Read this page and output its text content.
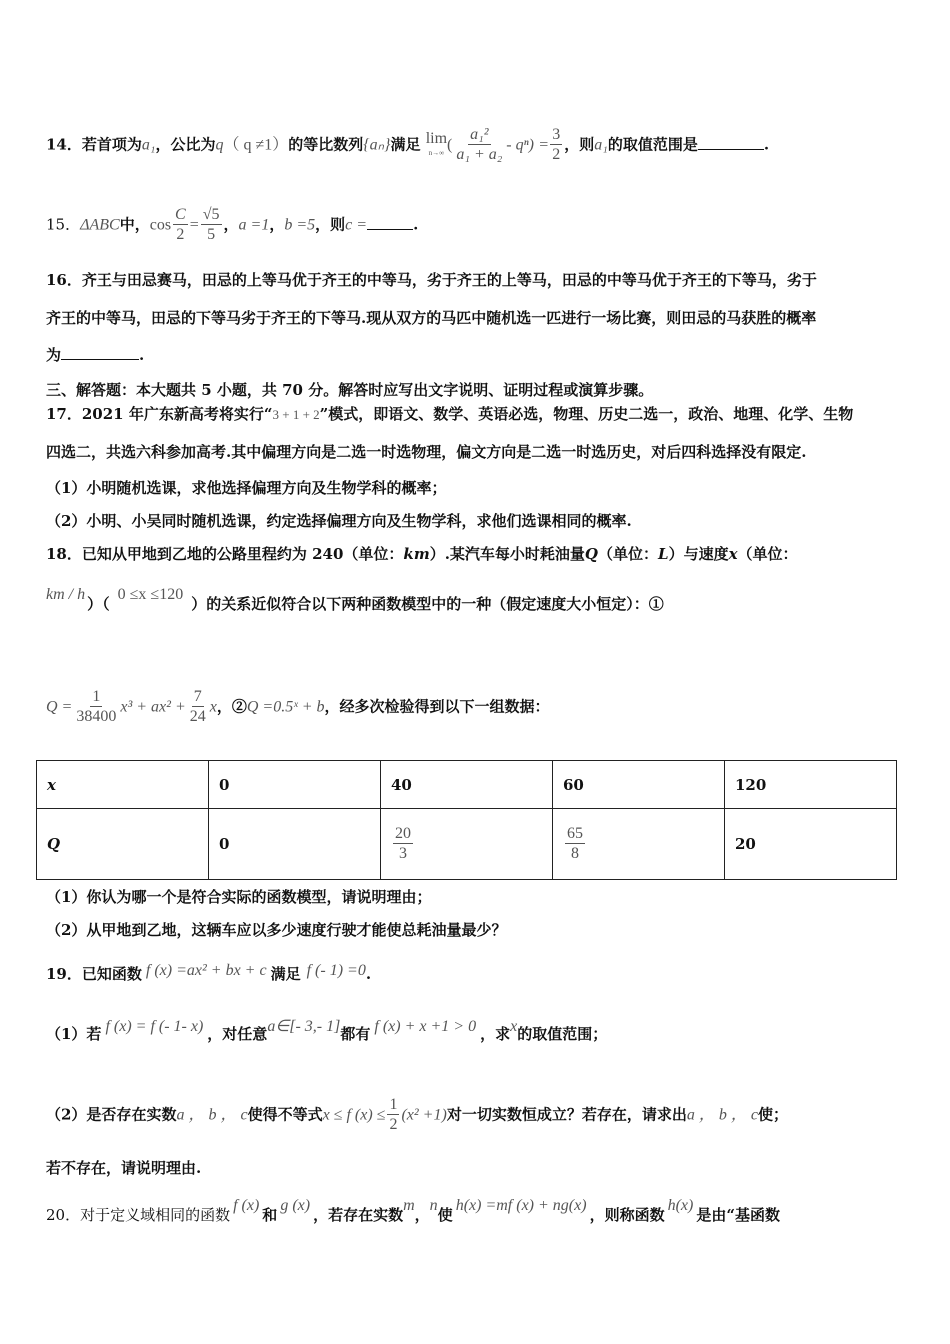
14．若首项为a₁，公比为q（ q ≠1）的等比数列{aₙ}满足 lim
n→∞ ( $\frac{\text{a₁²}}{\text{a₁ + a₂}} - q^n) = \frac{3}{2}$ ，则a₁的取值范围是	.
15．ΔABC中，$\cos \frac{C}{2} = \frac{√5}{5}$ ，a =1，b =5，则c =	.
16．齐王与田忌赛马，田忌的上等马优于齐王的中等马，劣于齐王的上等马，田忌的中等马优于齐王的下等马，劣于
齐王的中等马，田忌的下等马劣于齐王的下等马.现从双方的马匹中随机选一匹进行一场比赛，则田忌的马获胜的概率
为	.
三、解答题：本大题共 5 小题，共 70 分。解答时应写出文字说明、证明过程或演算步骤。
17．2021 年广东新高考将实行“3 + 1 + 2”模式，即语文、数学、英语必选，物理、历史二选一，政治、地理、化学、生物
四选二，共选六科参加高考.其中偏理方向是二选一时选物理，偏文方向是二选一时选历史，对后四科选择没有限定.
（1）小明随机选课，求他选择偏理方向及生物学科的概率；
（2）小明、小吴同时随机选课，约定选择偏理方向及生物学科，求他们选课相同的概率.
18．已知从甲地到乙地的公路里程约为 240（单位：km）.某汽车每小时耗油量Q（单位：L）与速度x（单位：
km / h）（0 ≤x ≤120）的关系近似符合以下两种函数模型中的一种（假定速度大小恒定）：①
$Q = \frac{1}{38400} x^3 + ax^2 + \frac{7}{24}$ x，②Q =0.5ˣ + b，经多次检验得到以下一组数据：
x	0	40	60	120
Q	0	$\frac{20}{3}$	$\frac{65}{8}$	20
（1）你认为哪一个是符合实际的函数模型，请说明理由；
（2）从甲地到乙地，这辆车应以多少速度行驶才能使总耗油量最少？
19．已知函数 f (x) =ax² + bx + c 满足 f (- 1) =0.
（1）若 f (x) = f (- 1- x) ，对任意a∈[- 3,- 1]都有 f (x) + x +1 > 0 ，求x的取值范围；
（2）是否存在实数a ， b ， c使得不等式x ≤ f $(x) \le \frac{1}{2} (x^2 +1)$对一切实数恒成立？若存在，请求出a ， b ， c使；
若不存在，请说明理由.
20．对于定义域相同的函数f (x)和g (x)，若存在实数m，n使h(x) =mf (x) + ng(x)，则称函数h(x)是由“基函数
